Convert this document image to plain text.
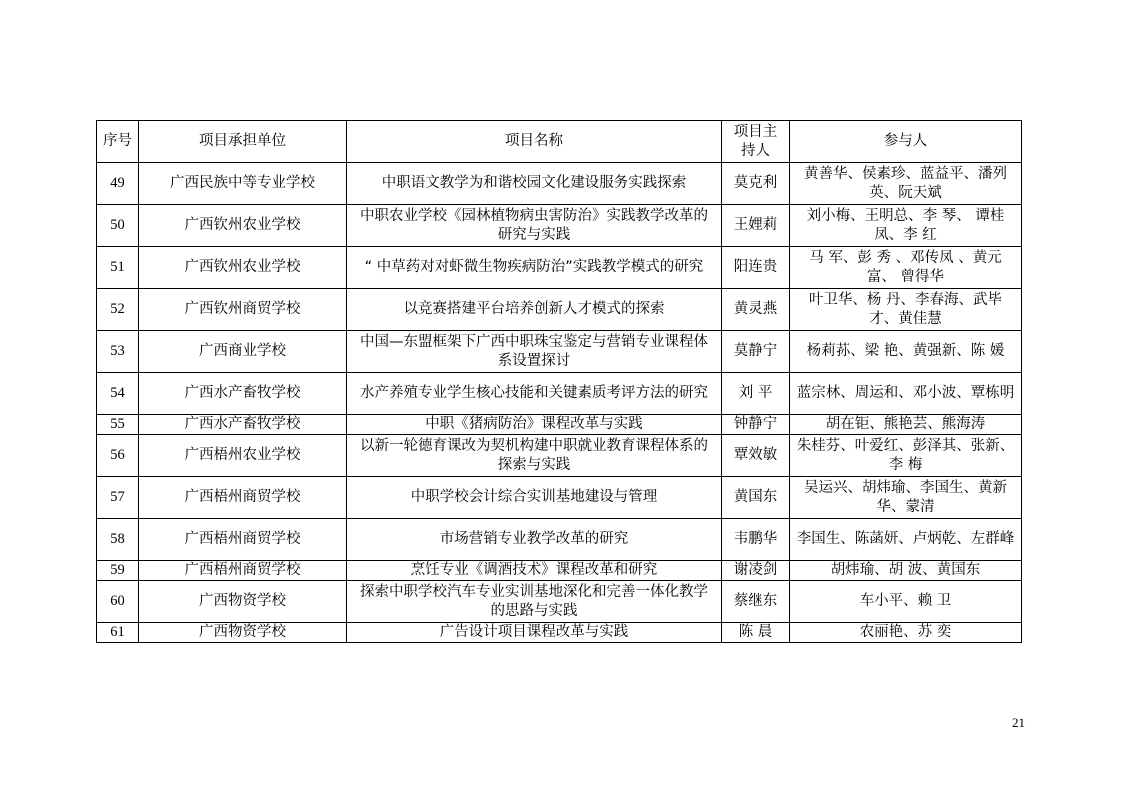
序号	项目承担单位	项目名称	项目主持人	参与人
49	广西民族中等专业学校	中职语文教学为和谐校园文化建设服务实践探索	莫克利	黄善华、侯素珍、蓝益平、潘列英、阮天斌
50	广西钦州农业学校	中职农业学校《园林植物病虫害防治》实践教学改革的研究与实践	王娌莉	刘小梅、王明总、李 琴、 谭桂凤、李 红
51	广西钦州农业学校	“ 中草药对对虾微生物疾病防治”实践教学模式的研究	阳连贵	马 军、彭 秀 、邓传凤 、黄元富、 曾得华
52	广西钦州商贸学校	以竞赛搭建平台培养创新人才模式的探索	黄灵燕	叶卫华、杨 丹、李春海、武毕才、黄佳慧
53	广西商业学校	中国—东盟框架下广西中职珠宝鉴定与营销专业课程体系设置探讨	莫静宁	杨莉荪、梁 艳、黄强新、陈 媛
54	广西水产畜牧学校	水产养殖专业学生核心技能和关键素质考评方法的研究	刘 平	蓝宗林、周运和、邓小波、覃栋明
55	广西水产畜牧学校	中职《猪病防治》课程改革与实践	钟静宁	胡在钜、熊艳芸、熊海涛
56	广西梧州农业学校	以新一轮德育课改为契机构建中职就业教育课程体系的探索与实践	覃效敏	朱桂芬、叶爱红、彭泽其、张新、李 梅
57	广西梧州商贸学校	中职学校会计综合实训基地建设与管理	黄国东	吴运兴、胡炜瑜、李国生、黄新华、蒙清
58	广西梧州商贸学校	市场营销专业教学改革的研究	韦鹏华	李国生、陈菡妍、卢炳乾、左群峰
59	广西梧州商贸学校	烹饪专业《调酒技术》课程改革和研究	谢凌剑	胡炜瑜、胡 波、黄国东
60	广西物资学校	探索中职学校汽车专业实训基地深化和完善一体化教学的思路与实践	蔡继东	车小平、赖 卫
61	广西物资学校	广告设计项目课程改革与实践	陈 晨	农丽艳、苏 奕
21
